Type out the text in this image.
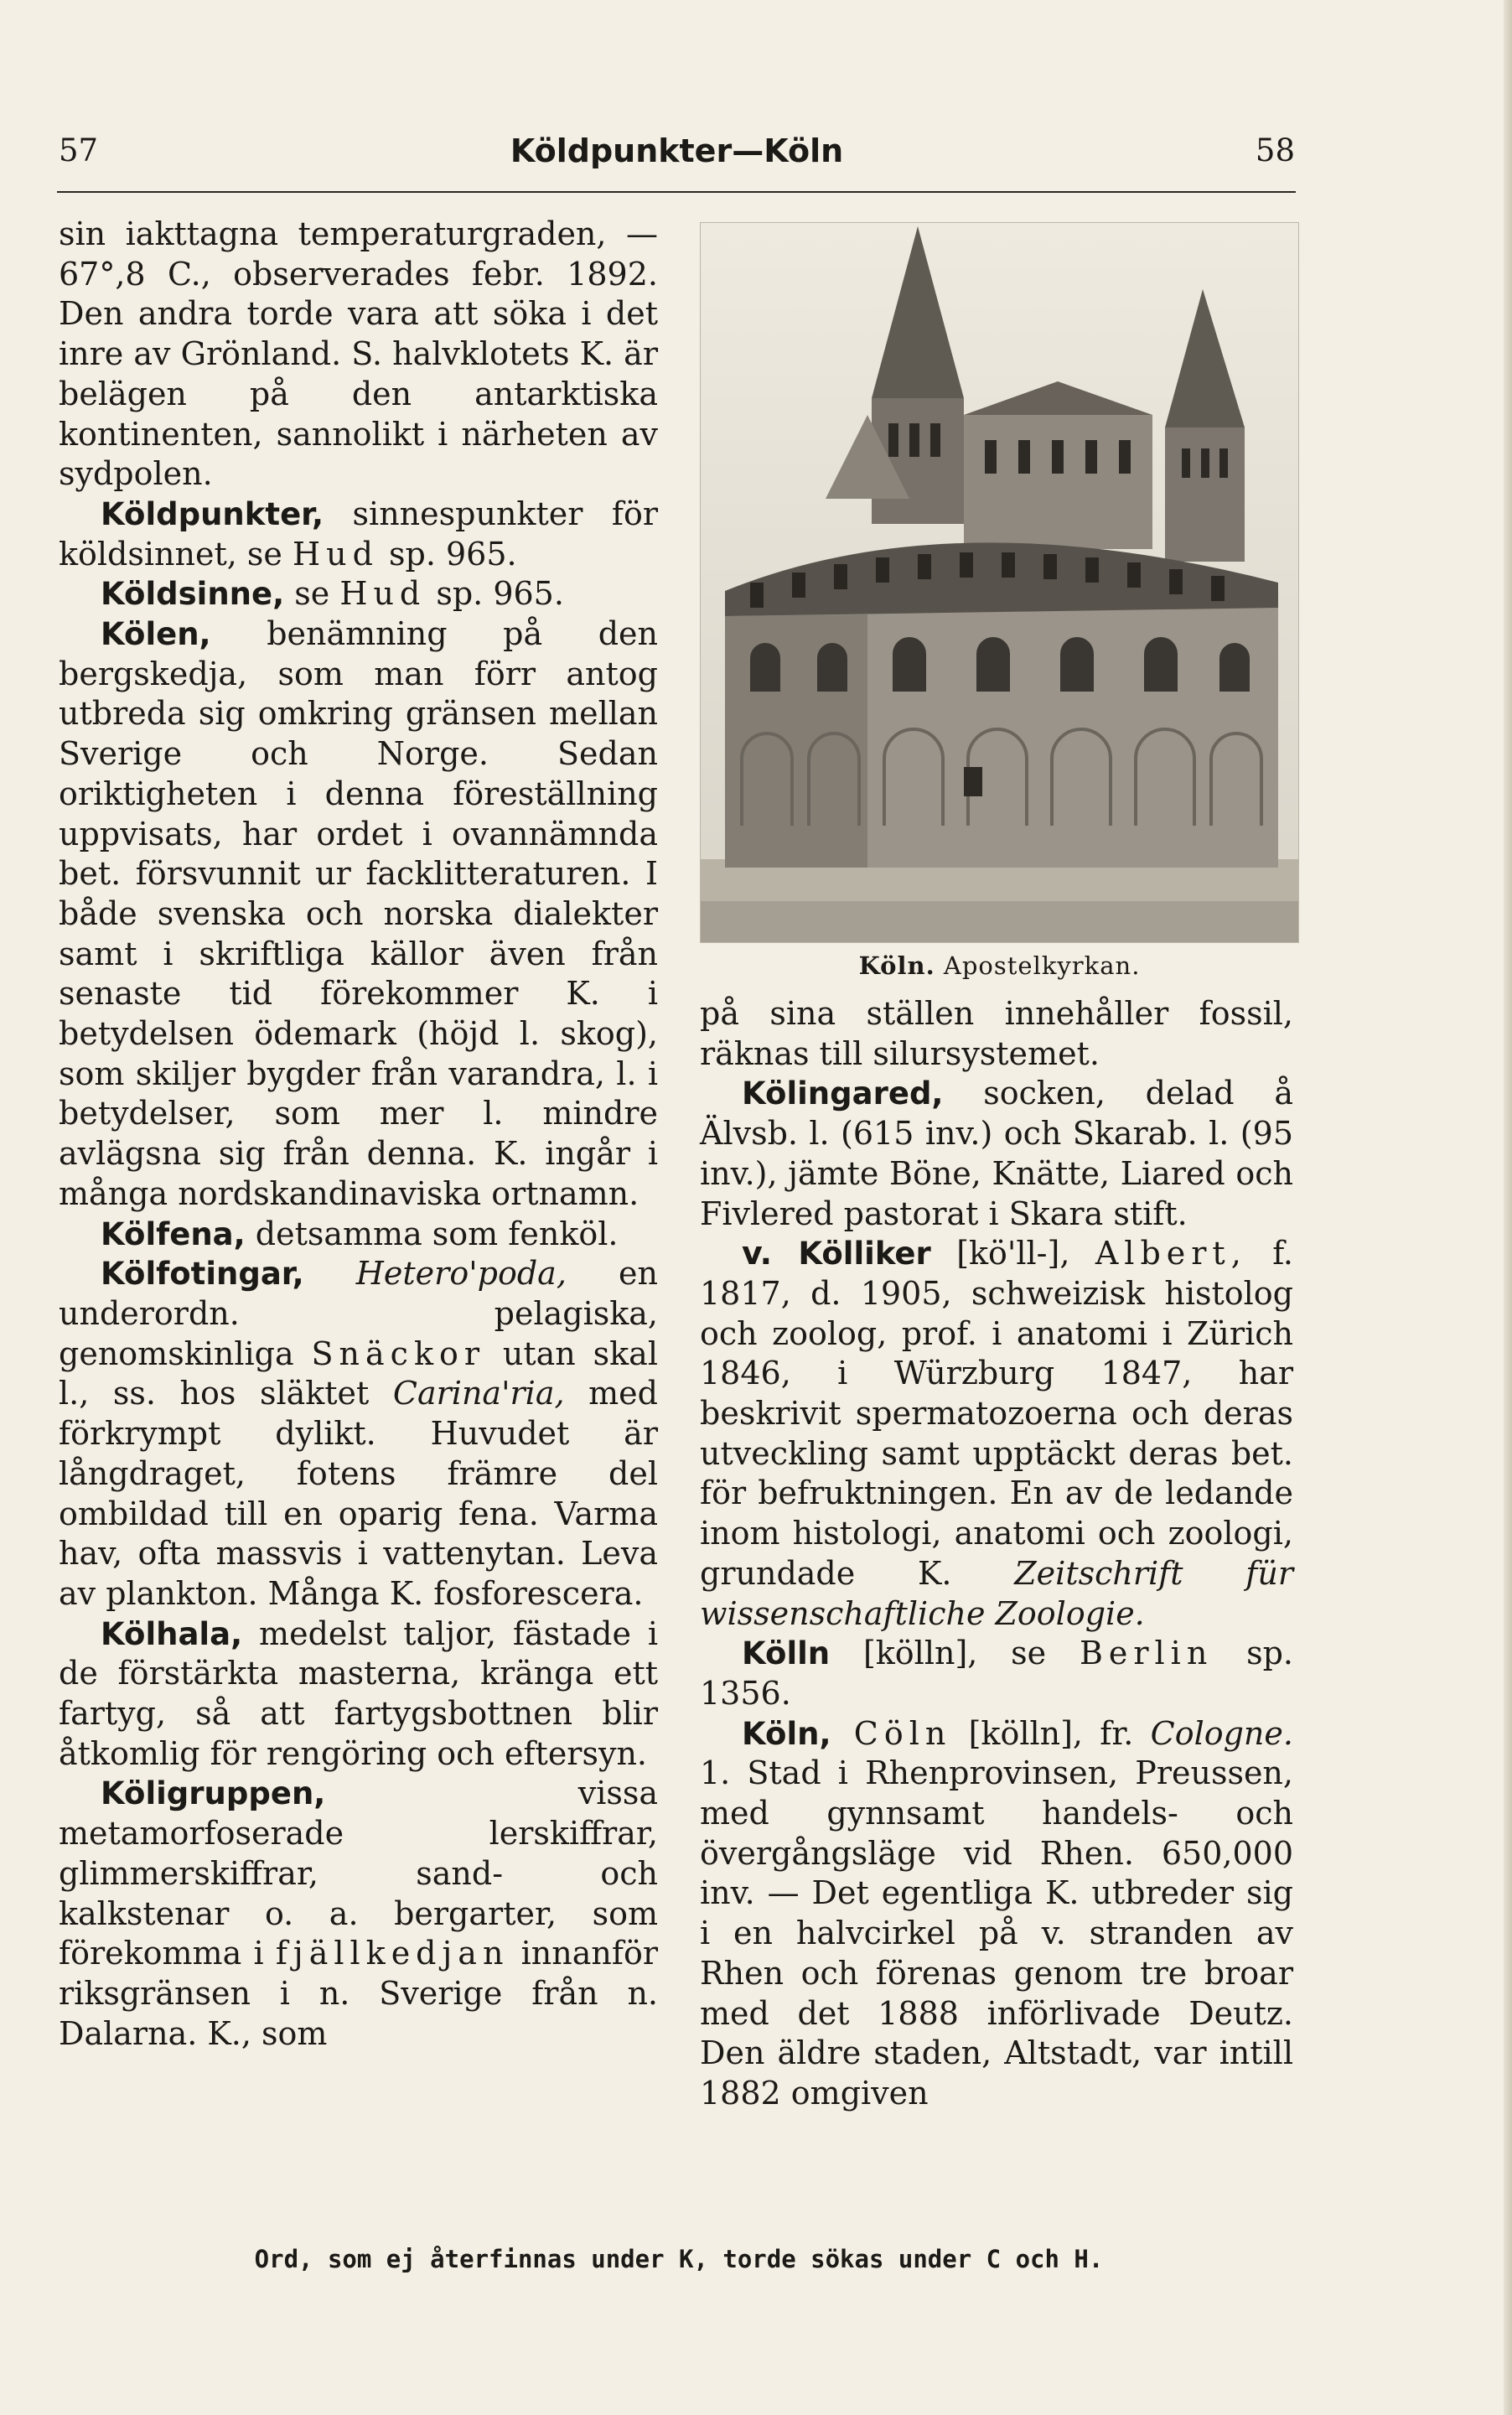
57	Köldpunkter—Köln	58

sin iakttagna temperaturgraden, — 67°,8 C., observerades febr. 1892. Den andra torde vara att söka i det inre av Grönland. S. halvklotets K. är belägen på den antarktiska kontinenten, sannolikt i närheten av sydpolen.

Köldpunkter, sinnespunkter för köldsinnet, se Hud sp. 965.

Köldsinne, se Hud sp. 965.

Kölen, benämning på den bergskedja, som man förr antog utbreda sig omkring gränsen mellan Sverige och Norge. Sedan oriktigheten i denna föreställning uppvisats, har ordet i ovannämnda bet. försvunnit ur facklitteraturen. I både svenska och norska dialekter samt i skriftliga källor även från senaste tid förekommer K. i betydelsen ödemark (höjd l. skog), som skiljer bygder från varandra, l. i betydelser, som mer l. mindre avlägsna sig från denna. K. ingår i många nordskandinaviska ortnamn.

Kölfena, detsamma som fenköl.

Kölfotingar, Hetero'poda, en underordn. pelagiska, genomskinliga Snäckor utan skal l., ss. hos släktet Carina'ria, med förkrympt dylikt. Huvudet är långdraget, fotens främre del ombildad till en oparig fena. Varma hav, ofta massvis i vattenytan. Leva av plankton. Många K. fosforescera.

Kölhala, medelst taljor, fästade i de förstärkta masterna, kränga ett fartyg, så att fartygsbottnen blir åtkomlig för rengöring och eftersyn.

Köligruppen, vissa metamorfoserade lerskiffrar, glimmerskiffrar, sand- och kalkstenar o. a. bergarter, som förekomma i fjällkedjan innanför riksgränsen i n. Sverige från n. Dalarna. K., som

Köln. Apostelkyrkan.

på sina ställen innehåller fossil, räknas till silursystemet.

Kölingared, socken, delad å Älvsb. l. (615 inv.) och Skarab. l. (95 inv.), jämte Böne, Knätte, Liared och Fivlered pastorat i Skara stift.

v. Kölliker [kö'll-], Albert, f. 1817, d. 1905, schweizisk histolog och zoolog, prof. i anatomi i Zürich 1846, i Würzburg 1847, har beskrivit spermatozoerna och deras utveckling samt upptäckt deras bet. för befruktningen. En av de ledande inom histologi, anatomi och zoologi, grundade K. Zeitschrift für wissenschaftliche Zoologie.

Kölln [kölln], se Berlin sp. 1356.

Köln, Cöln [kölln], fr. Cologne. 1. Stad i Rhenprovinsen, Preussen, med gynnsamt handels- och övergångsläge vid Rhen. 650,000 inv. — Det egentliga K. utbreder sig i en halvcirkel på v. stranden av Rhen och förenas genom tre broar med det 1888 införlivade Deutz. Den äldre staden, Altstadt, var intill 1882 omgiven

Ord, som ej återfinnas under K, torde sökas under C och H.
